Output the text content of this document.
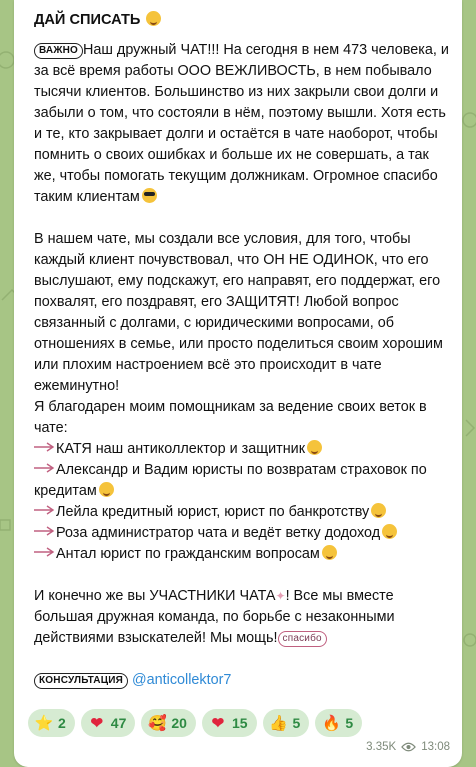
ДАЙ СПИСАТЬ

ВАЖНО Наш дружный ЧАТ!!! На сегодня в нем 473 человека, и за всё время работы ООО ВЕЖЛИВОСТЬ, в нем побывало тысячи клиентов. Большинство из них закрыли свои долги и забыли о том, что состояли в нём, поэтому вышли. Хотя есть и те, кто закрывает долги и остаётся в чате наоборот, чтобы помнить о своих ошибках и больше их не совершать, а так же, чтобы помогать текущим должникам. Огромное спасибо таким клиентам

В нашем чате, мы создали все условия, для того, чтобы каждый клиент почувствовал, что ОН НЕ ОДИНОК, что его выслушают, ему подскажут, его направят, его поддержат, его похвалят, его поздравят, его ЗАЩИТЯТ! Любой вопрос связанный с долгами, с юридическими вопросами, об отношениях в семье, или просто поделиться своим хорошим или плохим настроением всё это происходит в чате ежеминутно!

Я благодарен моим помощникам за ведение своих веток в чате:

КАТЯ наш антиколлектор и защитник

Александр и Вадим юристы по возвратам страховок по кредитам

Лейла кредитный юрист, юрист по банкротству

Роза администратор чата и ведёт ветку додоход

Антал юрист по гражданским вопросам

И конечно же вы УЧАСТНИКИ ЧАТА✦! Все мы вместе большая дружная команда, по борьбе с незаконными действиями взыскателей! Мы мощь! спасибо

КОНСУЛЬТАЦИЯ @anticollektor7

⭐ 2 ❤ 47 🥰 20 ❤ 15 👍 5 🔥 5
3.35K 13:08
